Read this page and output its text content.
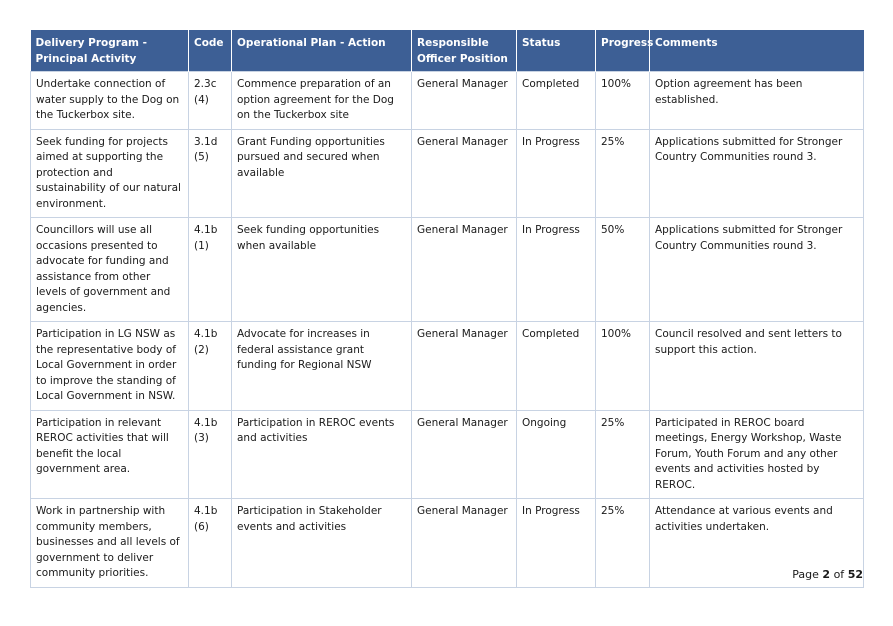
Delivery Program - Principal Activity	Code	Operational Plan - Action	Responsible Officer Position	Status	Progress	Comments
Undertake connection of water supply to the Dog on the Tuckerbox site.	2.3c (4)	Commence preparation of an option agreement for the Dog on the Tuckerbox site	General Manager	Completed	100%	Option agreement has been established.
Seek funding for projects aimed at supporting the protection and sustainability of our natural environment.	3.1d (5)	Grant Funding opportunities pursued and secured when available	General Manager	In Progress	25%	Applications submitted for Stronger Country Communities round 3.
Councillors will use all occasions presented to advocate for funding and assistance from other levels of government and agencies.	4.1b (1)	Seek funding opportunities when available	General Manager	In Progress	50%	Applications submitted for Stronger Country Communities round 3.
Participation in LG NSW as the representative body of Local Government in order to improve the standing of Local Government in NSW.	4.1b (2)	Advocate for increases in federal assistance grant funding for Regional NSW	General Manager	Completed	100%	Council resolved and sent letters to support this action.
Participation in relevant REROC activities that will benefit the local government area.	4.1b (3)	Participation in REROC events and activities	General Manager	Ongoing	25%	Participated in REROC board meetings, Energy Workshop, Waste Forum, Youth Forum and any other events and activities hosted by REROC.
Work in partnership with community members, businesses and all levels of government to deliver community priorities.	4.1b (6)	Participation in Stakeholder events and activities	General Manager	In Progress	25%	Attendance at various events and activities undertaken.
Page 2 of 52
